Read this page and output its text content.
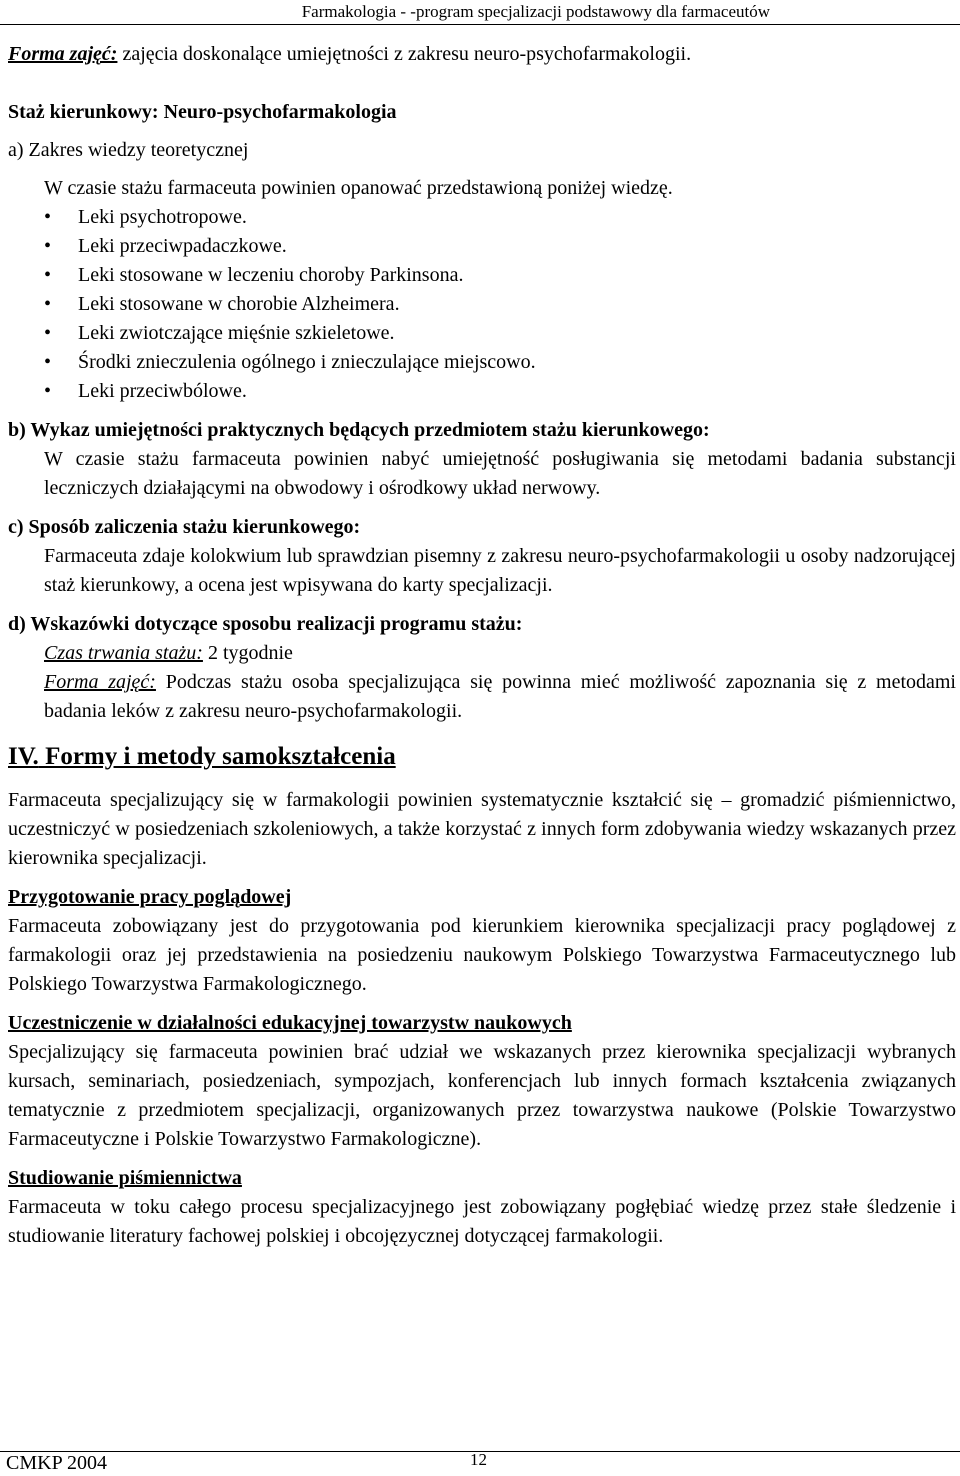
Farmakologia - -program specjalizacji podstawowy dla farmaceutów

Forma zajęć: zajęcia doskonalące umiejętności z zakresu neuro-psychofarmakologii.

Staż kierunkowy: Neuro-psychofarmakologia

a) Zakres wiedzy teoretycznej

W czasie stażu farmaceuta powinien opanować przedstawioną poniżej wiedzę.

• Leki psychotropowe.
• Leki przeciwpadaczkowe.
• Leki stosowane w leczeniu choroby Parkinsona.
• Leki stosowane w chorobie Alzheimera.
• Leki zwiotczające mięśnie szkieletowe.
• Środki znieczulenia ogólnego i znieczulające miejscowo.
• Leki przeciwbólowe.

b) Wykaz umiejętności praktycznych będących przedmiotem stażu kierunkowego:

W czasie stażu farmaceuta powinien nabyć umiejętność posługiwania się metodami badania substancji leczniczych działającymi na obwodowy i ośrodkowy układ nerwowy.

c) Sposób zaliczenia stażu kierunkowego:

Farmaceuta zdaje kolokwium lub sprawdzian pisemny z zakresu neuro-psychofarmakologii u osoby nadzorującej staż kierunkowy, a ocena jest wpisywana do karty specjalizacji.

d) Wskazówki dotyczące sposobu realizacji programu stażu:

Czas trwania stażu: 2 tygodnie

Forma zajęć: Podczas stażu osoba specjalizująca się powinna mieć możliwość zapoznania się z metodami badania leków z zakresu neuro-psychofarmakologii.

IV. Formy i metody samokształcenia

Farmaceuta specjalizujący się w farmakologii powinien systematycznie kształcić się – gromadzić piśmiennictwo, uczestniczyć w posiedzeniach szkoleniowych, a także korzystać z innych form zdobywania wiedzy wskazanych przez kierownika specjalizacji.

Przygotowanie pracy poglądowej

Farmaceuta zobowiązany jest do przygotowania pod kierunkiem kierownika specjalizacji pracy poglądowej z farmakologii oraz jej przedstawienia na posiedzeniu naukowym Polskiego Towarzystwa Farmaceutycznego lub Polskiego Towarzystwa Farmakologicznego.

Uczestniczenie w działalności edukacyjnej towarzystw naukowych

Specjalizujący się farmaceuta powinien brać udział we wskazanych przez kierownika specjalizacji wybranych kursach, seminariach, posiedzeniach, sympozjach, konferencjach lub innych formach kształcenia związanych tematycznie z przedmiotem specjalizacji, organizowanych przez towarzystwa naukowe (Polskie Towarzystwo Farmaceutyczne i Polskie Towarzystwo Farmakologiczne).

Studiowanie piśmiennictwa

Farmaceuta w toku całego procesu specjalizacyjnego jest zobowiązany pogłębiać wiedzę przez stałe śledzenie i studiowanie literatury fachowej polskiej i obcojęzycznej dotyczącej farmakologii.

CMKP 2004	12
